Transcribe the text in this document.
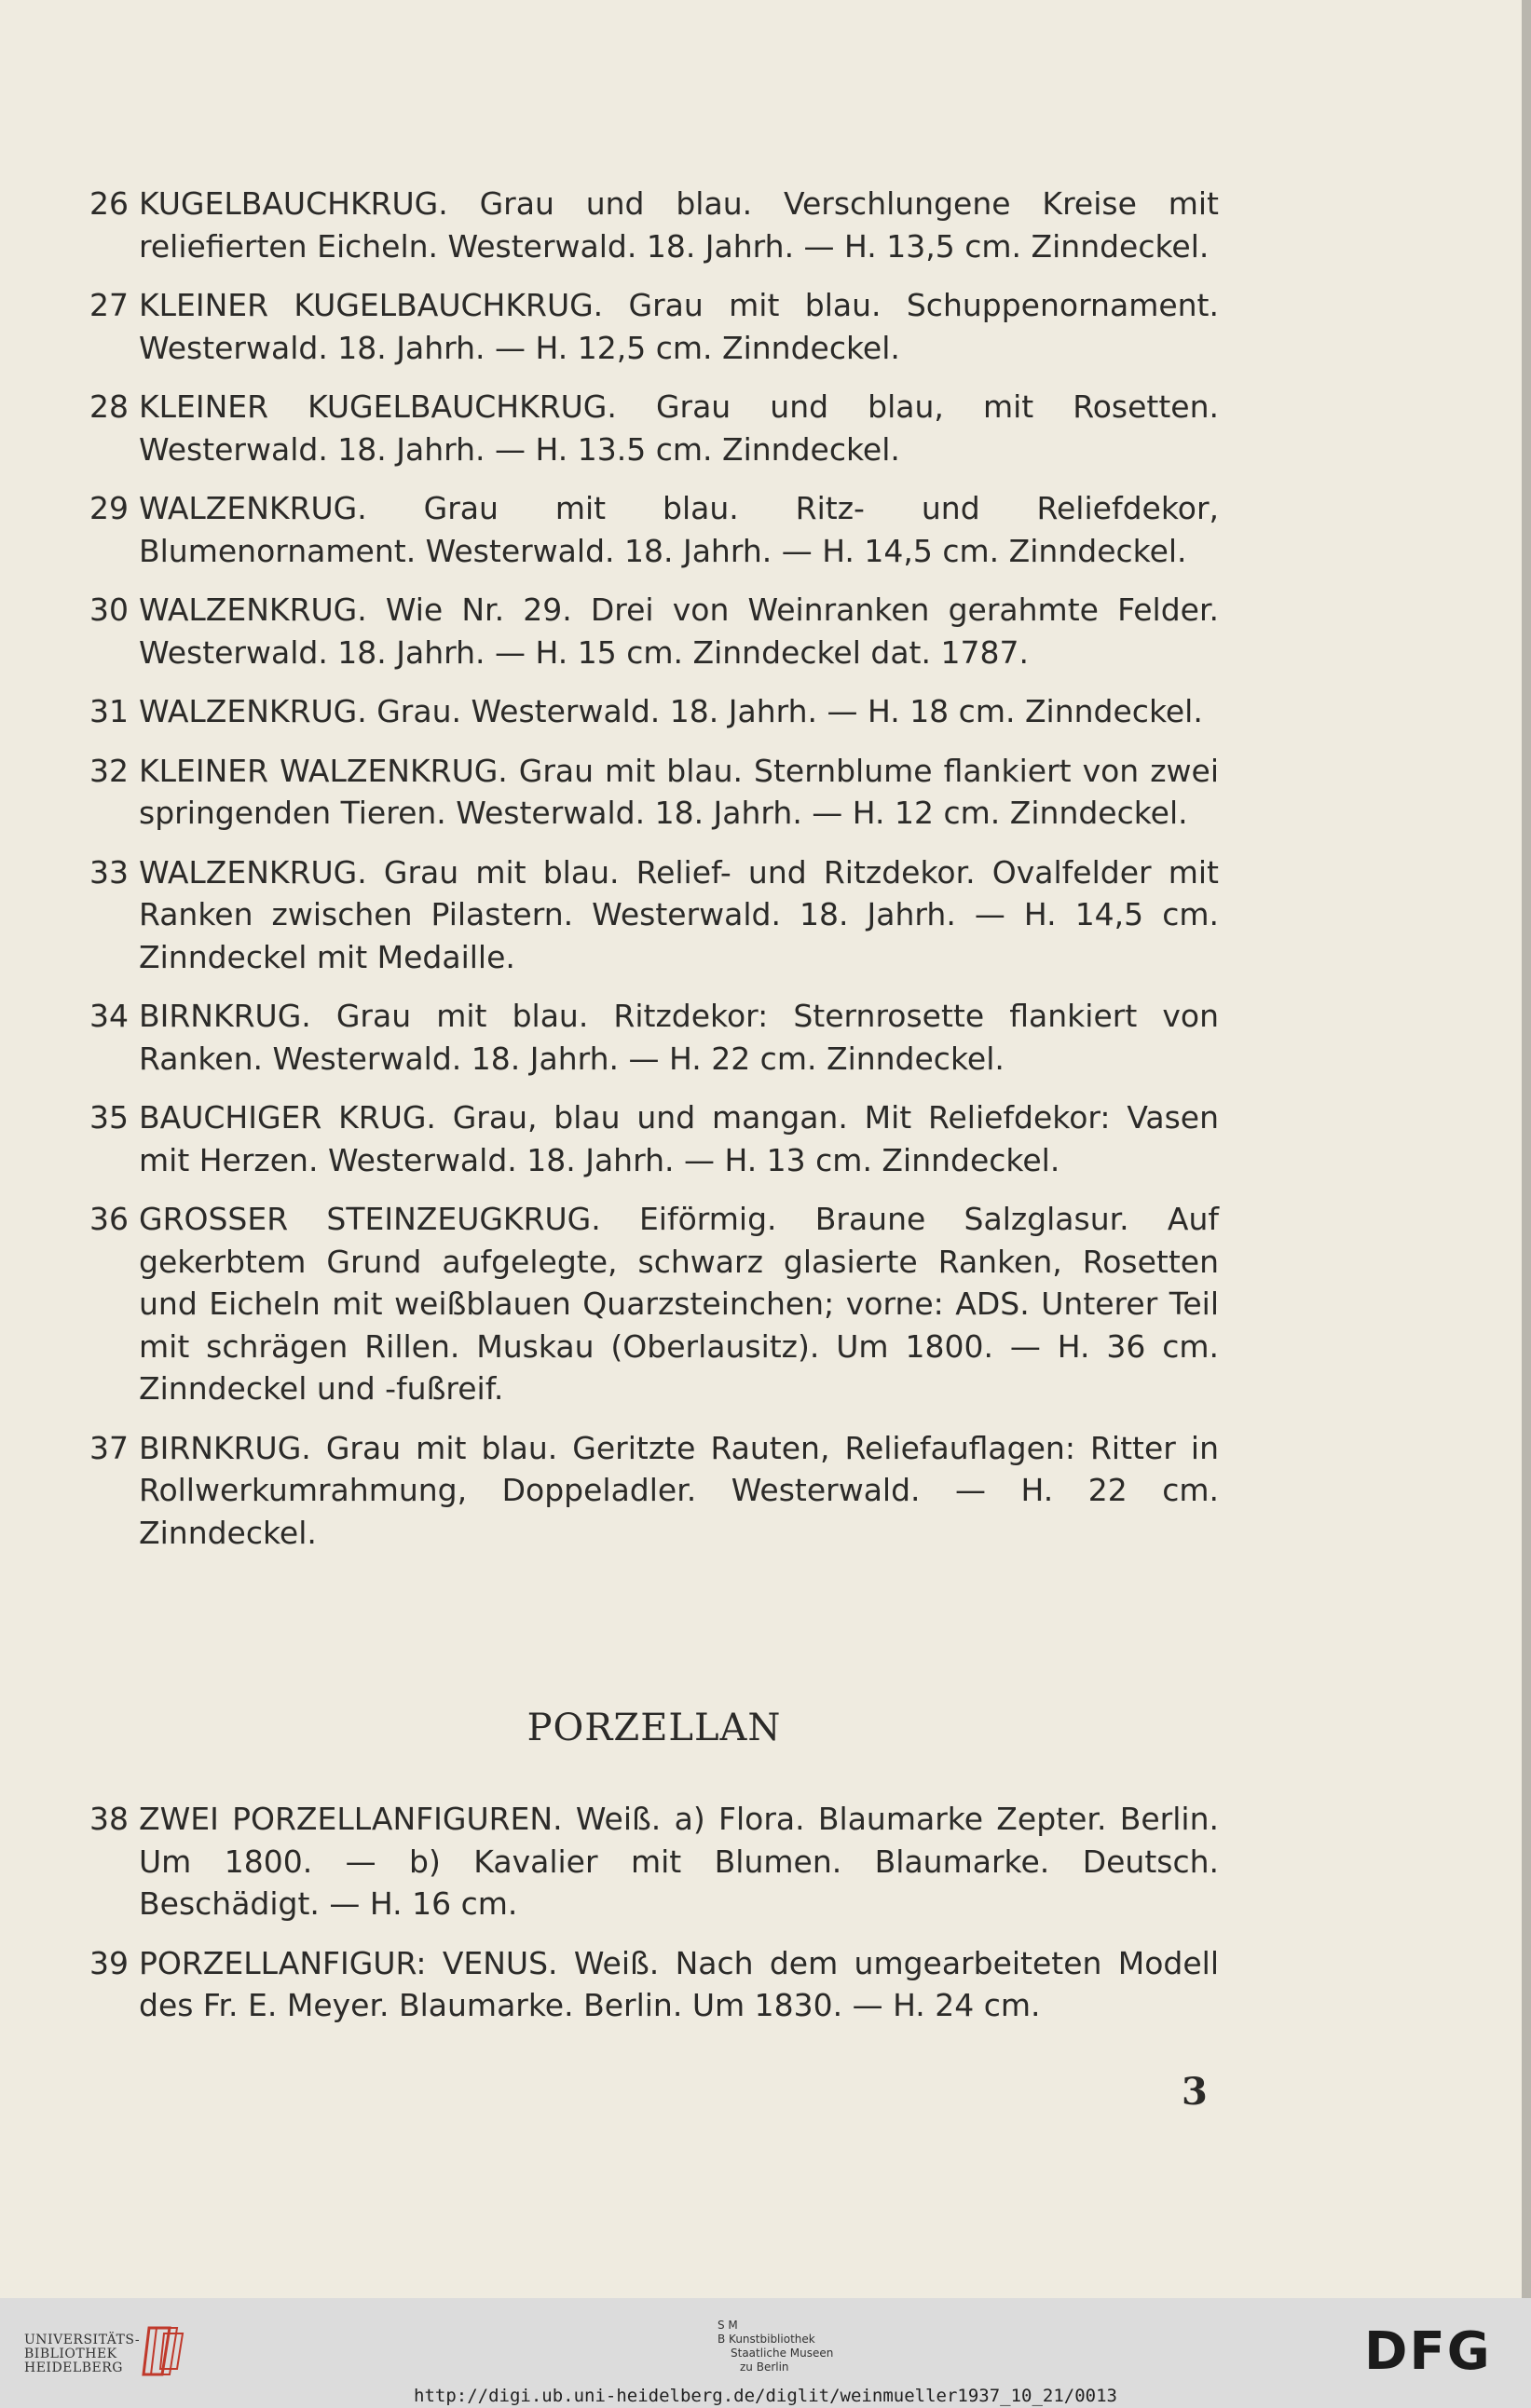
26 KUGELBAUCHKRUG. Grau und blau. Verschlungene Kreise mit reliefierten Eicheln. Westerwald. 18. Jahrh. — H. 13,5 cm. Zinndeckel.
27 KLEINER KUGELBAUCHKRUG. Grau mit blau. Schuppenornament. Westerwald. 18. Jahrh. — H. 12,5 cm. Zinndeckel.
28 KLEINER KUGELBAUCHKRUG. Grau und blau, mit Rosetten. Westerwald. 18. Jahrh. — H. 13.5 cm. Zinndeckel.
29 WALZENKRUG. Grau mit blau. Ritz- und Reliefdekor, Blumenornament. Westerwald. 18. Jahrh. — H. 14,5 cm. Zinndeckel.
30 WALZENKRUG. Wie Nr. 29. Drei von Weinranken gerahmte Felder. Westerwald. 18. Jahrh. — H. 15 cm. Zinndeckel dat. 1787.
31 WALZENKRUG. Grau. Westerwald. 18. Jahrh. — H. 18 cm. Zinndeckel.
32 KLEINER WALZENKRUG. Grau mit blau. Sternblume flankiert von zwei springenden Tieren. Westerwald. 18. Jahrh. — H. 12 cm. Zinndeckel.
33 WALZENKRUG. Grau mit blau. Relief- und Ritzdekor. Ovalfelder mit Ranken zwischen Pilastern. Westerwald. 18. Jahrh. — H. 14,5 cm. Zinndeckel mit Medaille.
34 BIRNKRUG. Grau mit blau. Ritzdekor: Sternrosette flankiert von Ranken. Westerwald. 18. Jahrh. — H. 22 cm. Zinndeckel.
35 BAUCHIGER KRUG. Grau, blau und mangan. Mit Reliefdekor: Vasen mit Herzen. Westerwald. 18. Jahrh. — H. 13 cm. Zinndeckel.
36 GROSSER STEINZEUGKRUG. Eiförmig. Braune Salzglasur. Auf gekerbtem Grund aufgelegte, schwarz glasierte Ranken, Rosetten und Eicheln mit weißblauen Quarzsteinchen; vorne: ADS. Unterer Teil mit schrägen Rillen. Muskau (Oberlausitz). Um 1800. — H. 36 cm. Zinndeckel und -fußreif.
37 BIRNKRUG. Grau mit blau. Geritzte Rauten, Reliefauflagen: Ritter in Rollwerkumrahmung, Doppeladler. Westerwald. — H. 22 cm. Zinndeckel.
PORZELLAN
38 ZWEI PORZELLANFIGUREN. Weiß. a) Flora. Blaumarke Zepter. Berlin. Um 1800. — b) Kavalier mit Blumen. Blaumarke. Deutsch. Beschädigt. — H. 16 cm.
39 PORZELLANFIGUR: VENUS. Weiß. Nach dem umgearbeiteten Modell des Fr. E. Meyer. Blaumarke. Berlin. Um 1830. — H. 24 cm.
3
UNIVERSITÄTS-
BIBLIOTHEK
HEIDELBERG
S M
B Kunstbibliothek
Staatliche Museen
zu Berlin	DFG
http://digi.ub.uni-heidelberg.de/diglit/weinmueller1937_10_21/0013
